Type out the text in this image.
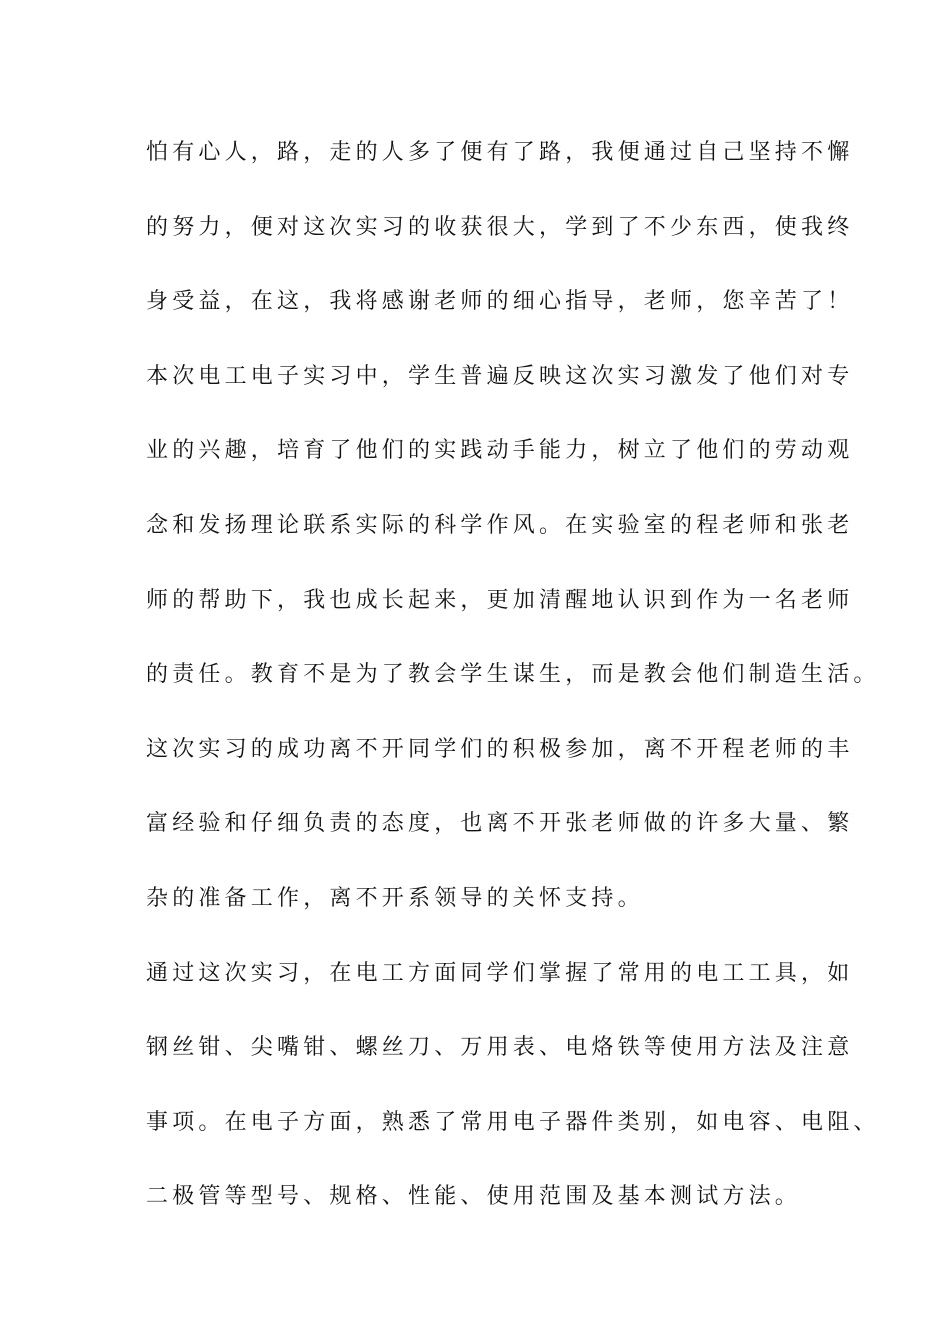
怕有心人，路，走的人多了便有了路，我便通过自己坚持不懈
的努力，便对这次实习的收获很大，学到了不少东西，使我终
身受益，在这，我将感谢老师的细心指导，老师，您辛苦了！
本次电工电子实习中，学生普遍反映这次实习激发了他们对专
业的兴趣，培育了他们的实践动手能力，树立了他们的劳动观
念和发扬理论联系实际的科学作风。在实验室的程老师和张老
师的帮助下，我也成长起来，更加清醒地认识到作为一名老师
的责任。教育不是为了教会学生谋生，而是教会他们制造生活。
这次实习的成功离不开同学们的积极参加，离不开程老师的丰
富经验和仔细负责的态度，也离不开张老师做的许多大量、繁
杂的准备工作，离不开系领导的关怀支持。
通过这次实习，在电工方面同学们掌握了常用的电工工具，如
钢丝钳、尖嘴钳、螺丝刀、万用表、电烙铁等使用方法及注意
事项。在电子方面，熟悉了常用电子器件类别，如电容、电阻、
二极管等型号、规格、性能、使用范围及基本测试方法。
